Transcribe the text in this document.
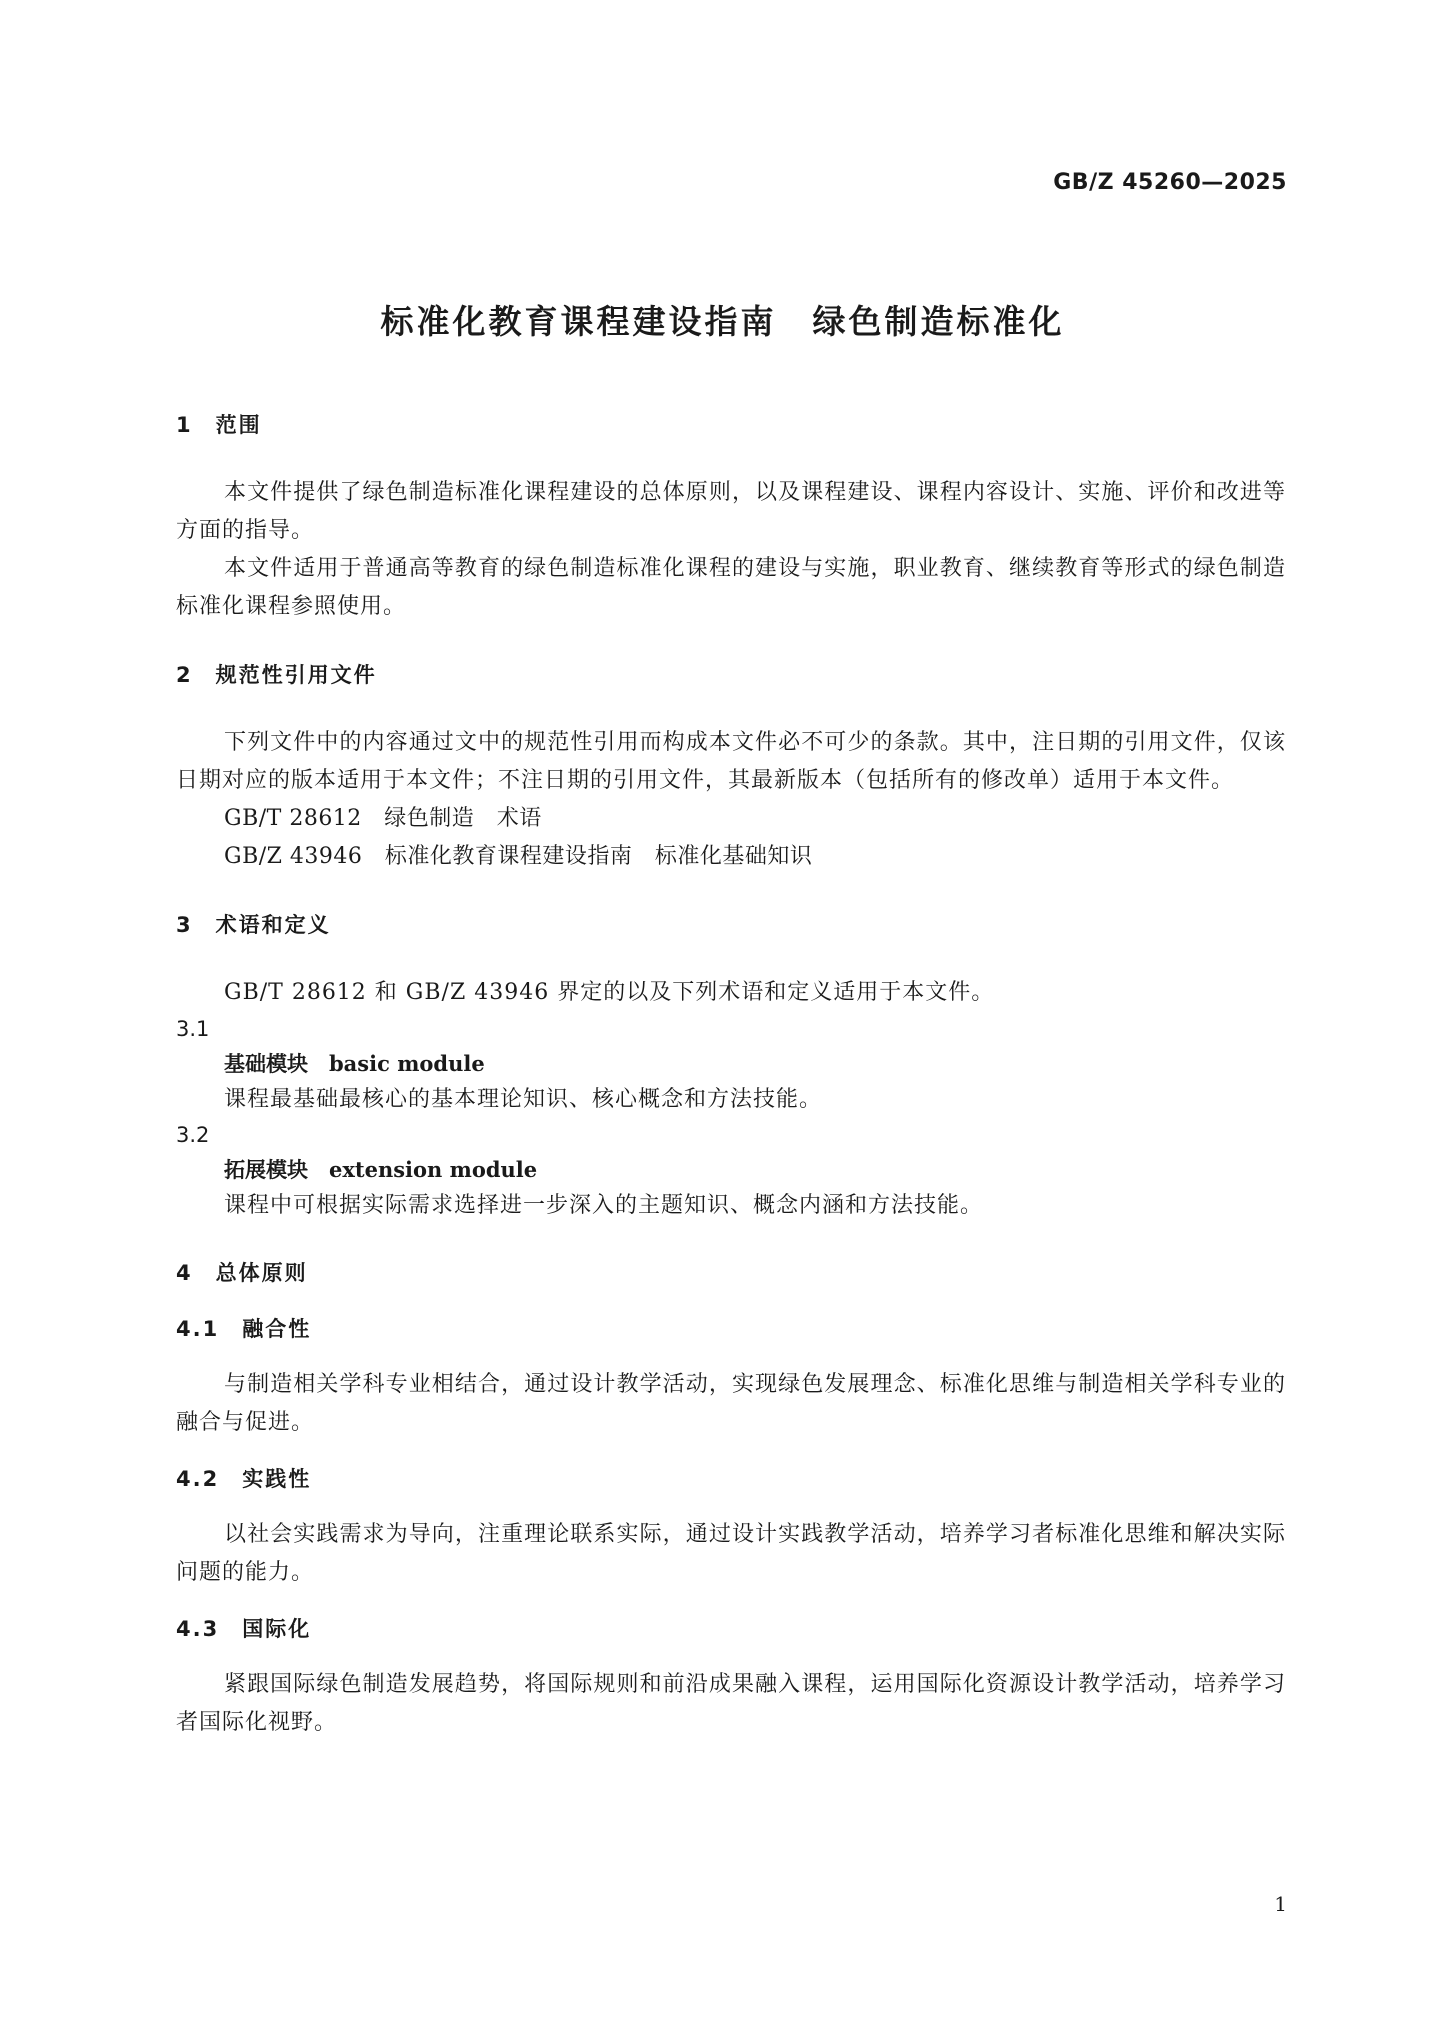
GB/Z 45260—2025
标准化教育课程建设指南　绿色制造标准化
1　范围
本文件提供了绿色制造标准化课程建设的总体原则，以及课程建设、课程内容设计、实施、评价和改进等方面的指导。
本文件适用于普通高等教育的绿色制造标准化课程的建设与实施，职业教育、继续教育等形式的绿色制造标准化课程参照使用。
2　规范性引用文件
下列文件中的内容通过文中的规范性引用而构成本文件必不可少的条款。其中，注日期的引用文件，仅该日期对应的版本适用于本文件；不注日期的引用文件，其最新版本（包括所有的修改单）适用于本文件。
GB/T 28612　绿色制造　术语
GB/Z 43946　标准化教育课程建设指南　标准化基础知识
3　术语和定义
GB/T 28612 和 GB/Z 43946 界定的以及下列术语和定义适用于本文件。
3.1
基础模块　basic module
课程最基础最核心的基本理论知识、核心概念和方法技能。
3.2
拓展模块　extension module
课程中可根据实际需求选择进一步深入的主题知识、概念内涵和方法技能。
4　总体原则
4.1　融合性
与制造相关学科专业相结合，通过设计教学活动，实现绿色发展理念、标准化思维与制造相关学科专业的融合与促进。
4.2　实践性
以社会实践需求为导向，注重理论联系实际，通过设计实践教学活动，培养学习者标准化思维和解决实际问题的能力。
4.3　国际化
紧跟国际绿色制造发展趋势，将国际规则和前沿成果融入课程，运用国际化资源设计教学活动，培养学习者国际化视野。
1
